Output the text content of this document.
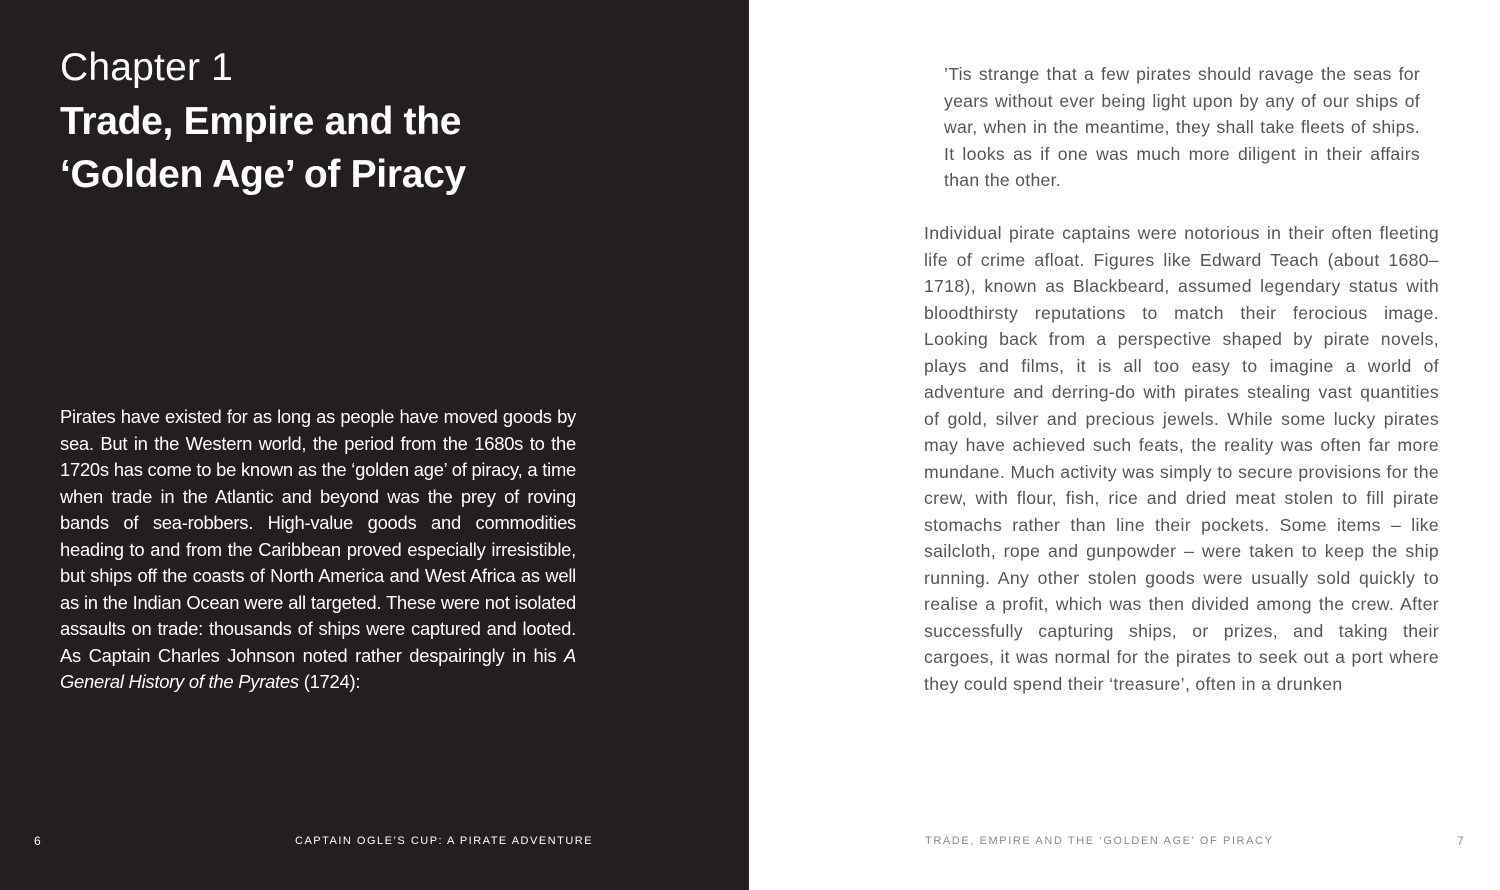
Chapter 1
Trade, Empire and the
‘Golden Age’ of Piracy

Pirates have existed for as long as people have moved goods by sea. But in the Western world, the period from the 1680s to the 1720s has come to be known as the ‘golden age’ of piracy, a time when trade in the Atlantic and beyond was the prey of roving bands of sea-robbers. High-value goods and commodities heading to and from the Caribbean proved especially irresistible, but ships off the coasts of North America and West Africa as well as in the Indian Ocean were all targeted. These were not isolated assaults on trade: thousands of ships were captured and looted. As Captain Charles Johnson noted rather despairingly in his A General History of the Pyrates (1724):

6	CAPTAIN OGLE’S CUP: A PIRATE ADVENTURE

’Tis strange that a few pirates should ravage the seas for years without ever being light upon by any of our ships of war, when in the meantime, they shall take fleets of ships. It looks as if one was much more diligent in their affairs than the other.

Individual pirate captains were notorious in their often fleeting life of crime afloat. Figures like Edward Teach (about 1680–1718), known as Blackbeard, assumed legendary status with bloodthirsty reputations to match their ferocious image. Looking back from a perspective shaped by pirate novels, plays and films, it is all too easy to imagine a world of adventure and derring-do with pirates stealing vast quantities of gold, silver and precious jewels. While some lucky pirates may have achieved such feats, the reality was often far more mundane. Much activity was simply to secure provisions for the crew, with flour, fish, rice and dried meat stolen to fill pirate stomachs rather than line their pockets. Some items – like sailcloth, rope and gunpowder – were taken to keep the ship running. Any other stolen goods were usually sold quickly to realise a profit, which was then divided among the crew. After successfully capturing ships, or prizes, and taking their cargoes, it was normal for the pirates to seek out a port where they could spend their ‘treasure’, often in a drunken

TRADE, EMPIRE AND THE ‘GOLDEN AGE’ OF PIRACY	7
